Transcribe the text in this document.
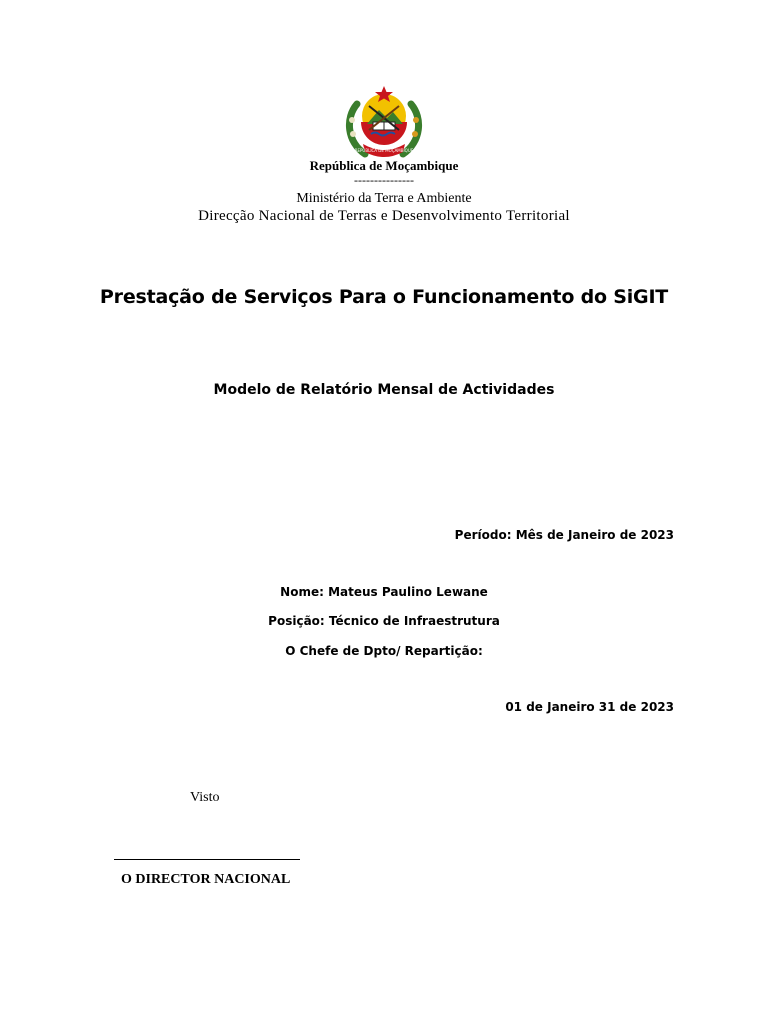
REPÚBLICA DE MOÇAMBIQUE
República de Moçambique
---------------
Ministério da Terra e Ambiente
Direcção Nacional de Terras e Desenvolvimento Territorial
Prestação de Serviços Para o Funcionamento do SiGIT
Modelo de Relatório Mensal de Actividades
Período: Mês de Janeiro de 2023
Nome: Mateus Paulino Lewane
Posição: Técnico de Infraestrutura
O Chefe de Dpto/ Repartição:
01 de Janeiro 31 de 2023
Visto
O DIRECTOR NACIONAL
